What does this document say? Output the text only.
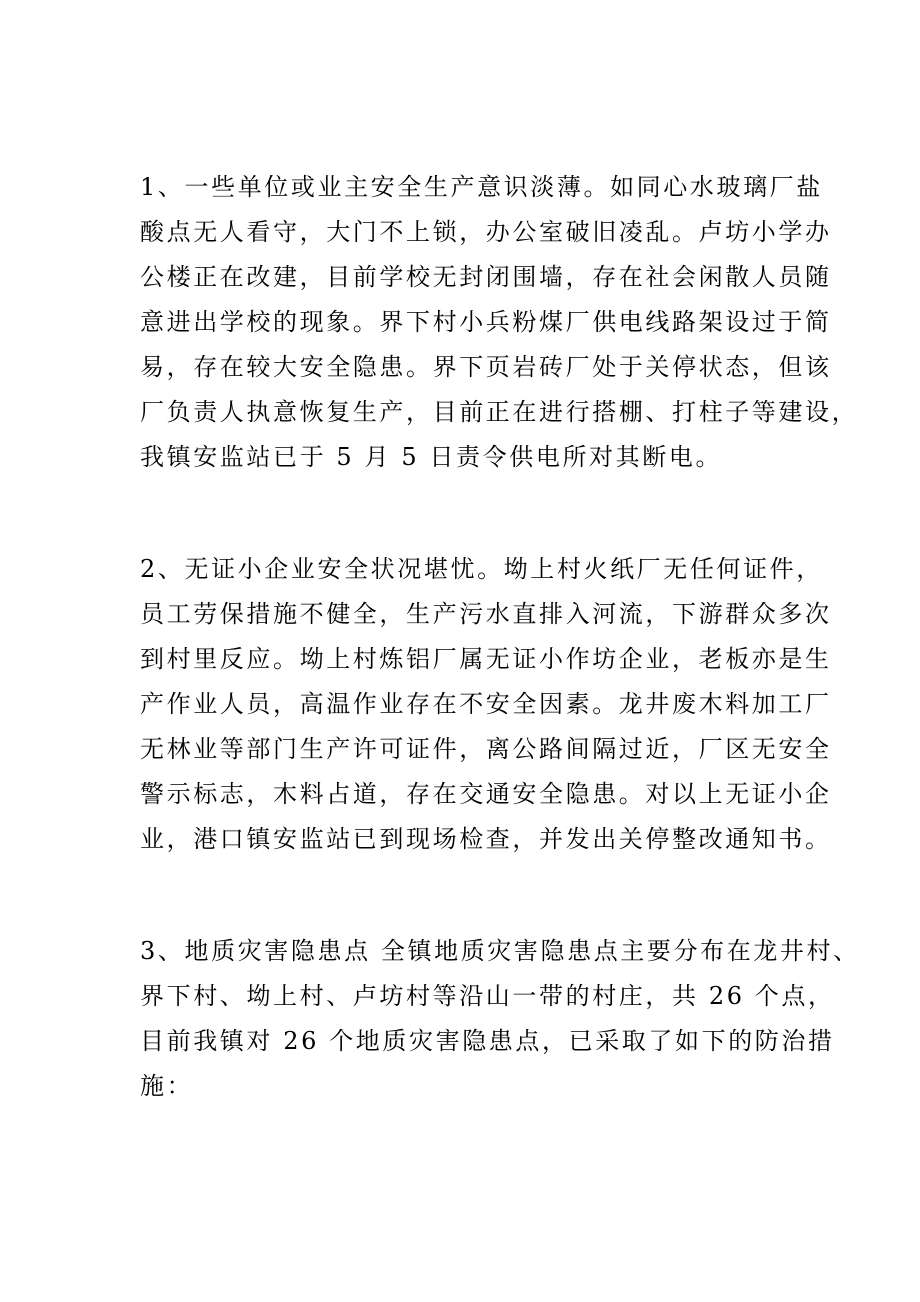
1、一些单位或业主安全生产意识淡薄。如同心水玻璃厂盐
酸点无人看守，大门不上锁，办公室破旧凌乱。卢坊小学办
公楼正在改建，目前学校无封闭围墙，存在社会闲散人员随
意进出学校的现象。界下村小兵粉煤厂供电线路架设过于简
易，存在较大安全隐患。界下页岩砖厂处于关停状态，但该
厂负责人执意恢复生产，目前正在进行搭棚、打柱子等建设，
我镇安监站已于 5 月 5 日责令供电所对其断电。
2、无证小企业安全状况堪忧。坳上村火纸厂无任何证件，
员工劳保措施不健全，生产污水直排入河流，下游群众多次
到村里反应。坳上村炼铝厂属无证小作坊企业，老板亦是生
产作业人员，高温作业存在不安全因素。龙井废木料加工厂
无林业等部门生产许可证件，离公路间隔过近，厂区无安全
警示标志，木料占道，存在交通安全隐患。对以上无证小企
业，港口镇安监站已到现场检查，并发出关停整改通知书。
3、地质灾害隐患点 全镇地质灾害隐患点主要分布在龙井村、
界下村、坳上村、卢坊村等沿山一带的村庄，共 26 个点，
目前我镇对 26 个地质灾害隐患点，已采取了如下的防治措
施：
